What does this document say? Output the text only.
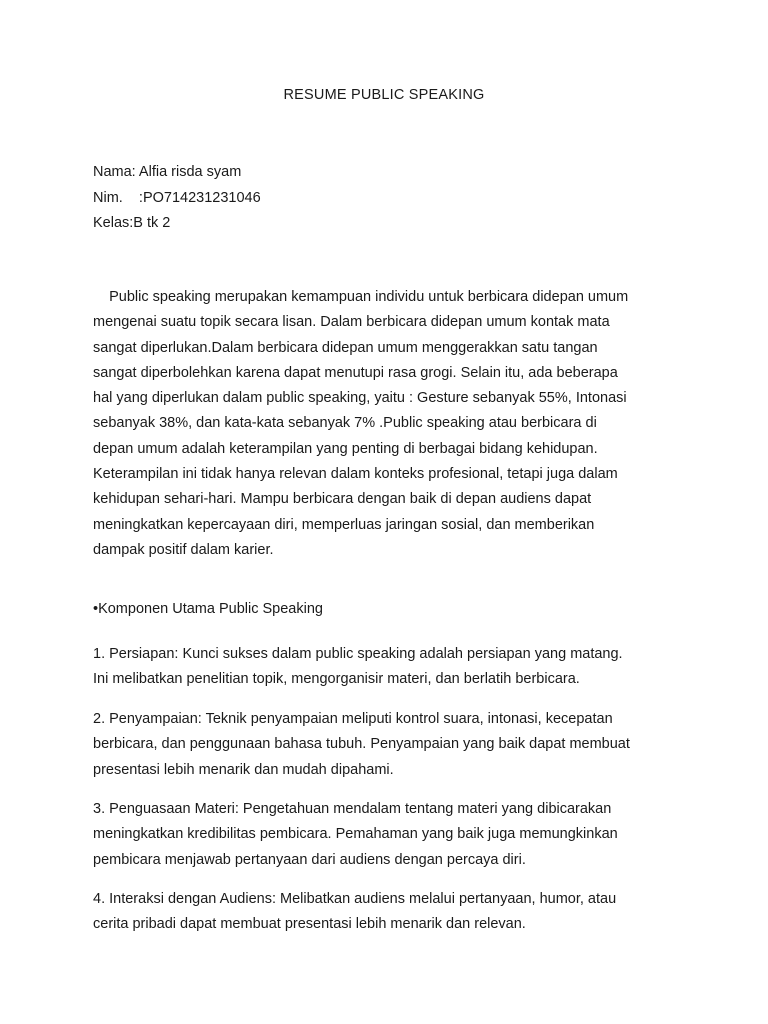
RESUME PUBLIC SPEAKING
Nama: Alfia risda syam
Nim.    :PO714231231046
Kelas:B tk 2
Public speaking merupakan kemampuan individu untuk berbicara didepan umum
mengenai suatu topik secara lisan. Dalam berbicara didepan umum kontak mata
sangat diperlukan.Dalam berbicara didepan umum menggerakkan satu tangan
sangat diperbolehkan karena dapat menutupi rasa grogi. Selain itu, ada beberapa
hal yang diperlukan dalam public speaking, yaitu : Gesture sebanyak 55%, Intonasi
sebanyak 38%, dan kata-kata sebanyak 7% .Public speaking atau berbicara di
depan umum adalah keterampilan yang penting di berbagai bidang kehidupan.
Keterampilan ini tidak hanya relevan dalam konteks profesional, tetapi juga dalam
kehidupan sehari-hari. Mampu berbicara dengan baik di depan audiens dapat
meningkatkan kepercayaan diri, memperluas jaringan sosial, dan memberikan
dampak positif dalam karier.
•Komponen Utama Public Speaking
1. Persiapan: Kunci sukses dalam public speaking adalah persiapan yang matang.
Ini melibatkan penelitian topik, mengorganisir materi, dan berlatih berbicara.
2. Penyampaian: Teknik penyampaian meliputi kontrol suara, intonasi, kecepatan
berbicara, dan penggunaan bahasa tubuh. Penyampaian yang baik dapat membuat
presentasi lebih menarik dan mudah dipahami.
3. Penguasaan Materi: Pengetahuan mendalam tentang materi yang dibicarakan
meningkatkan kredibilitas pembicara. Pemahaman yang baik juga memungkinkan
pembicara menjawab pertanyaan dari audiens dengan percaya diri.
4. Interaksi dengan Audiens: Melibatkan audiens melalui pertanyaan, humor, atau
cerita pribadi dapat membuat presentasi lebih menarik dan relevan.
